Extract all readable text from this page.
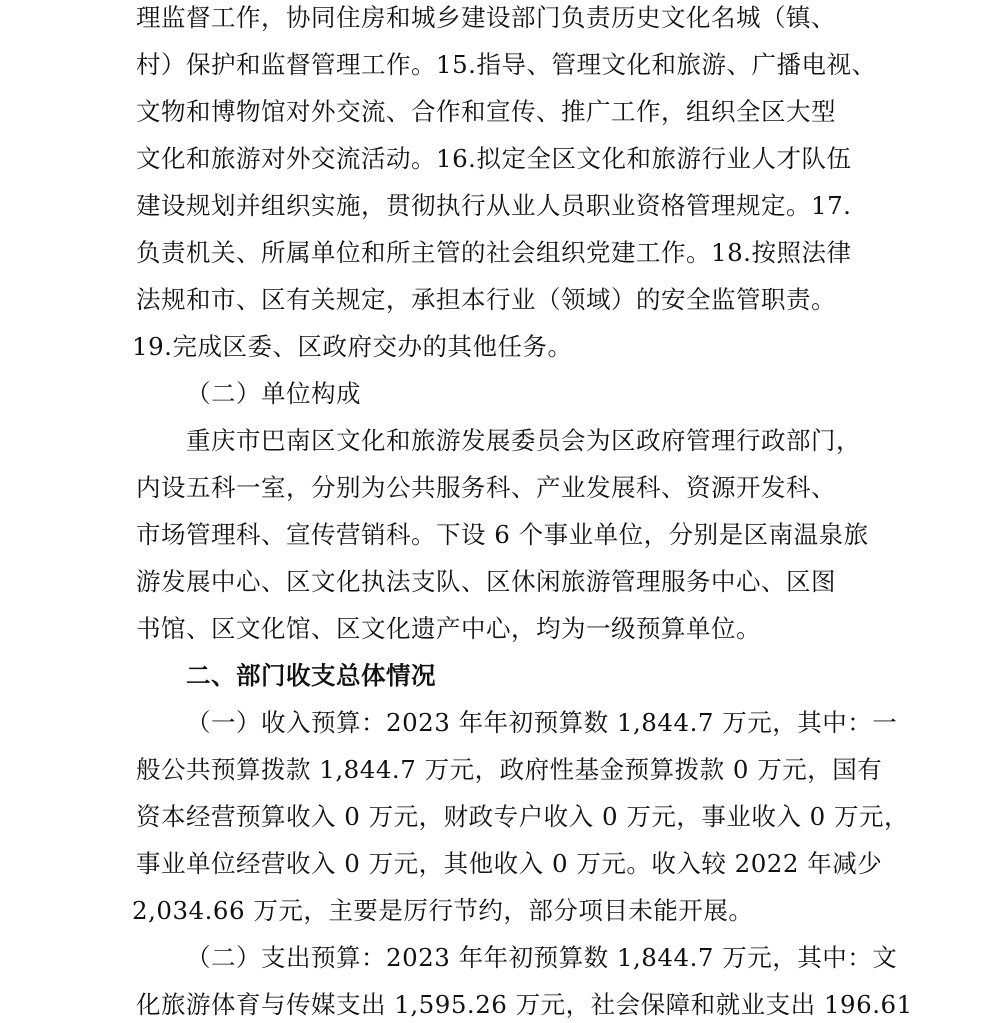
理监督工作，协同住房和城乡建设部门负责历史文化名城（镇、
村）保护和监督管理工作。15.指导、管理文化和旅游、广播电视、
文物和博物馆对外交流、合作和宣传、推广工作，组织全区大型
文化和旅游对外交流活动。16.拟定全区文化和旅游行业人才队伍
建设规划并组织实施，贯彻执行从业人员职业资格管理规定。17.
负责机关、所属单位和所主管的社会组织党建工作。18.按照法律
法规和市、区有关规定，承担本行业（领域）的安全监管职责。
19.完成区委、区政府交办的其他任务。
（二）单位构成
重庆市巴南区文化和旅游发展委员会为区政府管理行政部门，
内设五科一室，分别为公共服务科、产业发展科、资源开发科、
市场管理科、宣传营销科。下设 6 个事业单位，分别是区南温泉旅
游发展中心、区文化执法支队、区休闲旅游管理服务中心、区图
书馆、区文化馆、区文化遗产中心，均为一级预算单位。
二、部门收支总体情况
（一）收入预算：2023 年年初预算数 1,844.7 万元，其中：一
般公共预算拨款 1,844.7 万元，政府性基金预算拨款 0 万元，国有
资本经营预算收入 0 万元，财政专户收入 0 万元，事业收入 0 万元，
事业单位经营收入 0 万元，其他收入 0 万元。收入较 2022 年减少
2,034.66 万元，主要是厉行节约，部分项目未能开展。
（二）支出预算：2023 年年初预算数 1,844.7 万元，其中：文
化旅游体育与传媒支出 1,595.26 万元，社会保障和就业支出 196.61
